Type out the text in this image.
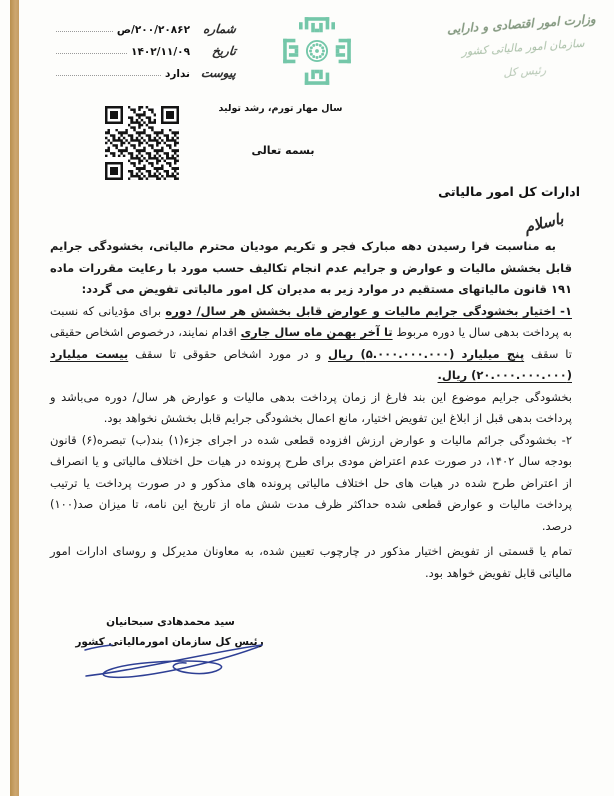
شماره
۲۰۰/۲۰۸۶۲/ص
تاریخ
۱۴۰۲/۱۱/۰۹
پیوست
ندارد
وزارت امور اقتصادی و دارایی
سازمان امور مالیاتی کشور
رئیس کل
سال مهار تورم، رشد تولید
بسمه تعالی
ادارات کل امور مالیاتی
باسلام

به مناسبت فرا رسیدن دهه مبارک فجر و تکریم مودیان محترم مالیاتی، بخشودگی جرایم قابل بخشش مالیات و عوارض و جرایم عدم انجام تکالیف حسب مورد با رعایت مقررات ماده ۱۹۱ قانون مالیاتهای مستقیم در موارد زیر به مدیران کل امور مالیاتی تفویض می گردد:

۱- اختیار بخشودگی جرایم مالیات و عوارض قابل بخشش هر سال/ دوره برای مؤدیانی که نسبت به پرداخت بدهی سال یا دوره مربوط تا آخر بهمن ماه سال جاری اقدام نمایند، درخصوص اشخاص حقیقی تا سقف پنج میلیارد (۵.۰۰۰.۰۰۰.۰۰۰) ریال و در مورد اشخاص حقوقی تا سقف بیست میلیارد (۲۰.۰۰۰.۰۰۰.۰۰۰) ریال.

بخشودگی جرایم موضوع این بند فارغ از زمان پرداخت بدهی مالیات و عوارض هر سال/ دوره می‌باشد و پرداخت بدهی قبل از ابلاغ این تفویض اختیار، مانع اعمال بخشودگی جرایم قابل بخشش نخواهد بود.

۲- بخشودگی جرائم مالیات و عوارض ارزش افزوده قطعی شده در اجرای جزء(۱) بند(ب) تبصره(۶) قانون بودجه سال ۱۴۰۲، در صورت عدم اعتراض مودی برای طرح پرونده در هیات حل اختلاف مالیاتی و یا انصراف از اعتراض طرح شده در هیات های حل اختلاف مالیاتی پرونده های مذکور و در صورت پرداخت یا ترتیب پرداخت مالیات و عوارض قطعی شده حداکثر ظرف مدت شش ماه از تاریخ این نامه، تا میزان صد(۱۰۰) درصد.

تمام یا قسمتی از تفویض اختیار مذکور در چارچوب تعیین شده، به معاونان مدیرکل و روسای ادارات امور مالیاتی قابل تفویض خواهد بود.

سید محمدهادی سبحانیان
رئیس کل سازمان امورمالیاتی کشور
